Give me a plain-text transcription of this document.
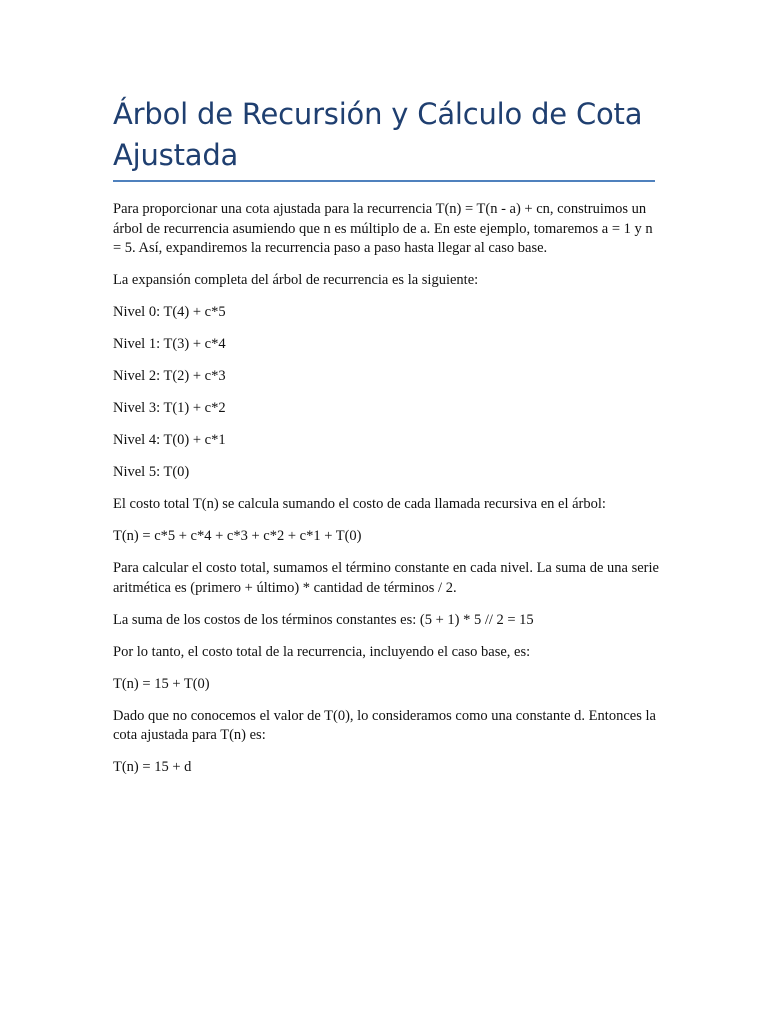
Árbol de Recursión y Cálculo de Cota Ajustada

Para proporcionar una cota ajustada para la recurrencia T(n) = T(n - a) + cn, construimos un árbol de recurrencia asumiendo que n es múltiplo de a. En este ejemplo, tomaremos a = 1 y n = 5. Así, expandiremos la recurrencia paso a paso hasta llegar al caso base.

La expansión completa del árbol de recurrencia es la siguiente:

Nivel 0: T(4) + c*5

Nivel 1: T(3) + c*4

Nivel 2: T(2) + c*3

Nivel 3: T(1) + c*2

Nivel 4: T(0) + c*1

Nivel 5: T(0)

El costo total T(n) se calcula sumando el costo de cada llamada recursiva en el árbol:

T(n) = c*5 + c*4 + c*3 + c*2 + c*1 + T(0)

Para calcular el costo total, sumamos el término constante en cada nivel. La suma de una serie aritmética es (primero + último) * cantidad de términos / 2.

La suma de los costos de los términos constantes es: (5 + 1) * 5 // 2 = 15

Por lo tanto, el costo total de la recurrencia, incluyendo el caso base, es:

T(n) = 15 + T(0)

Dado que no conocemos el valor de T(0), lo consideramos como una constante d. Entonces la cota ajustada para T(n) es:

T(n) = 15 + d
